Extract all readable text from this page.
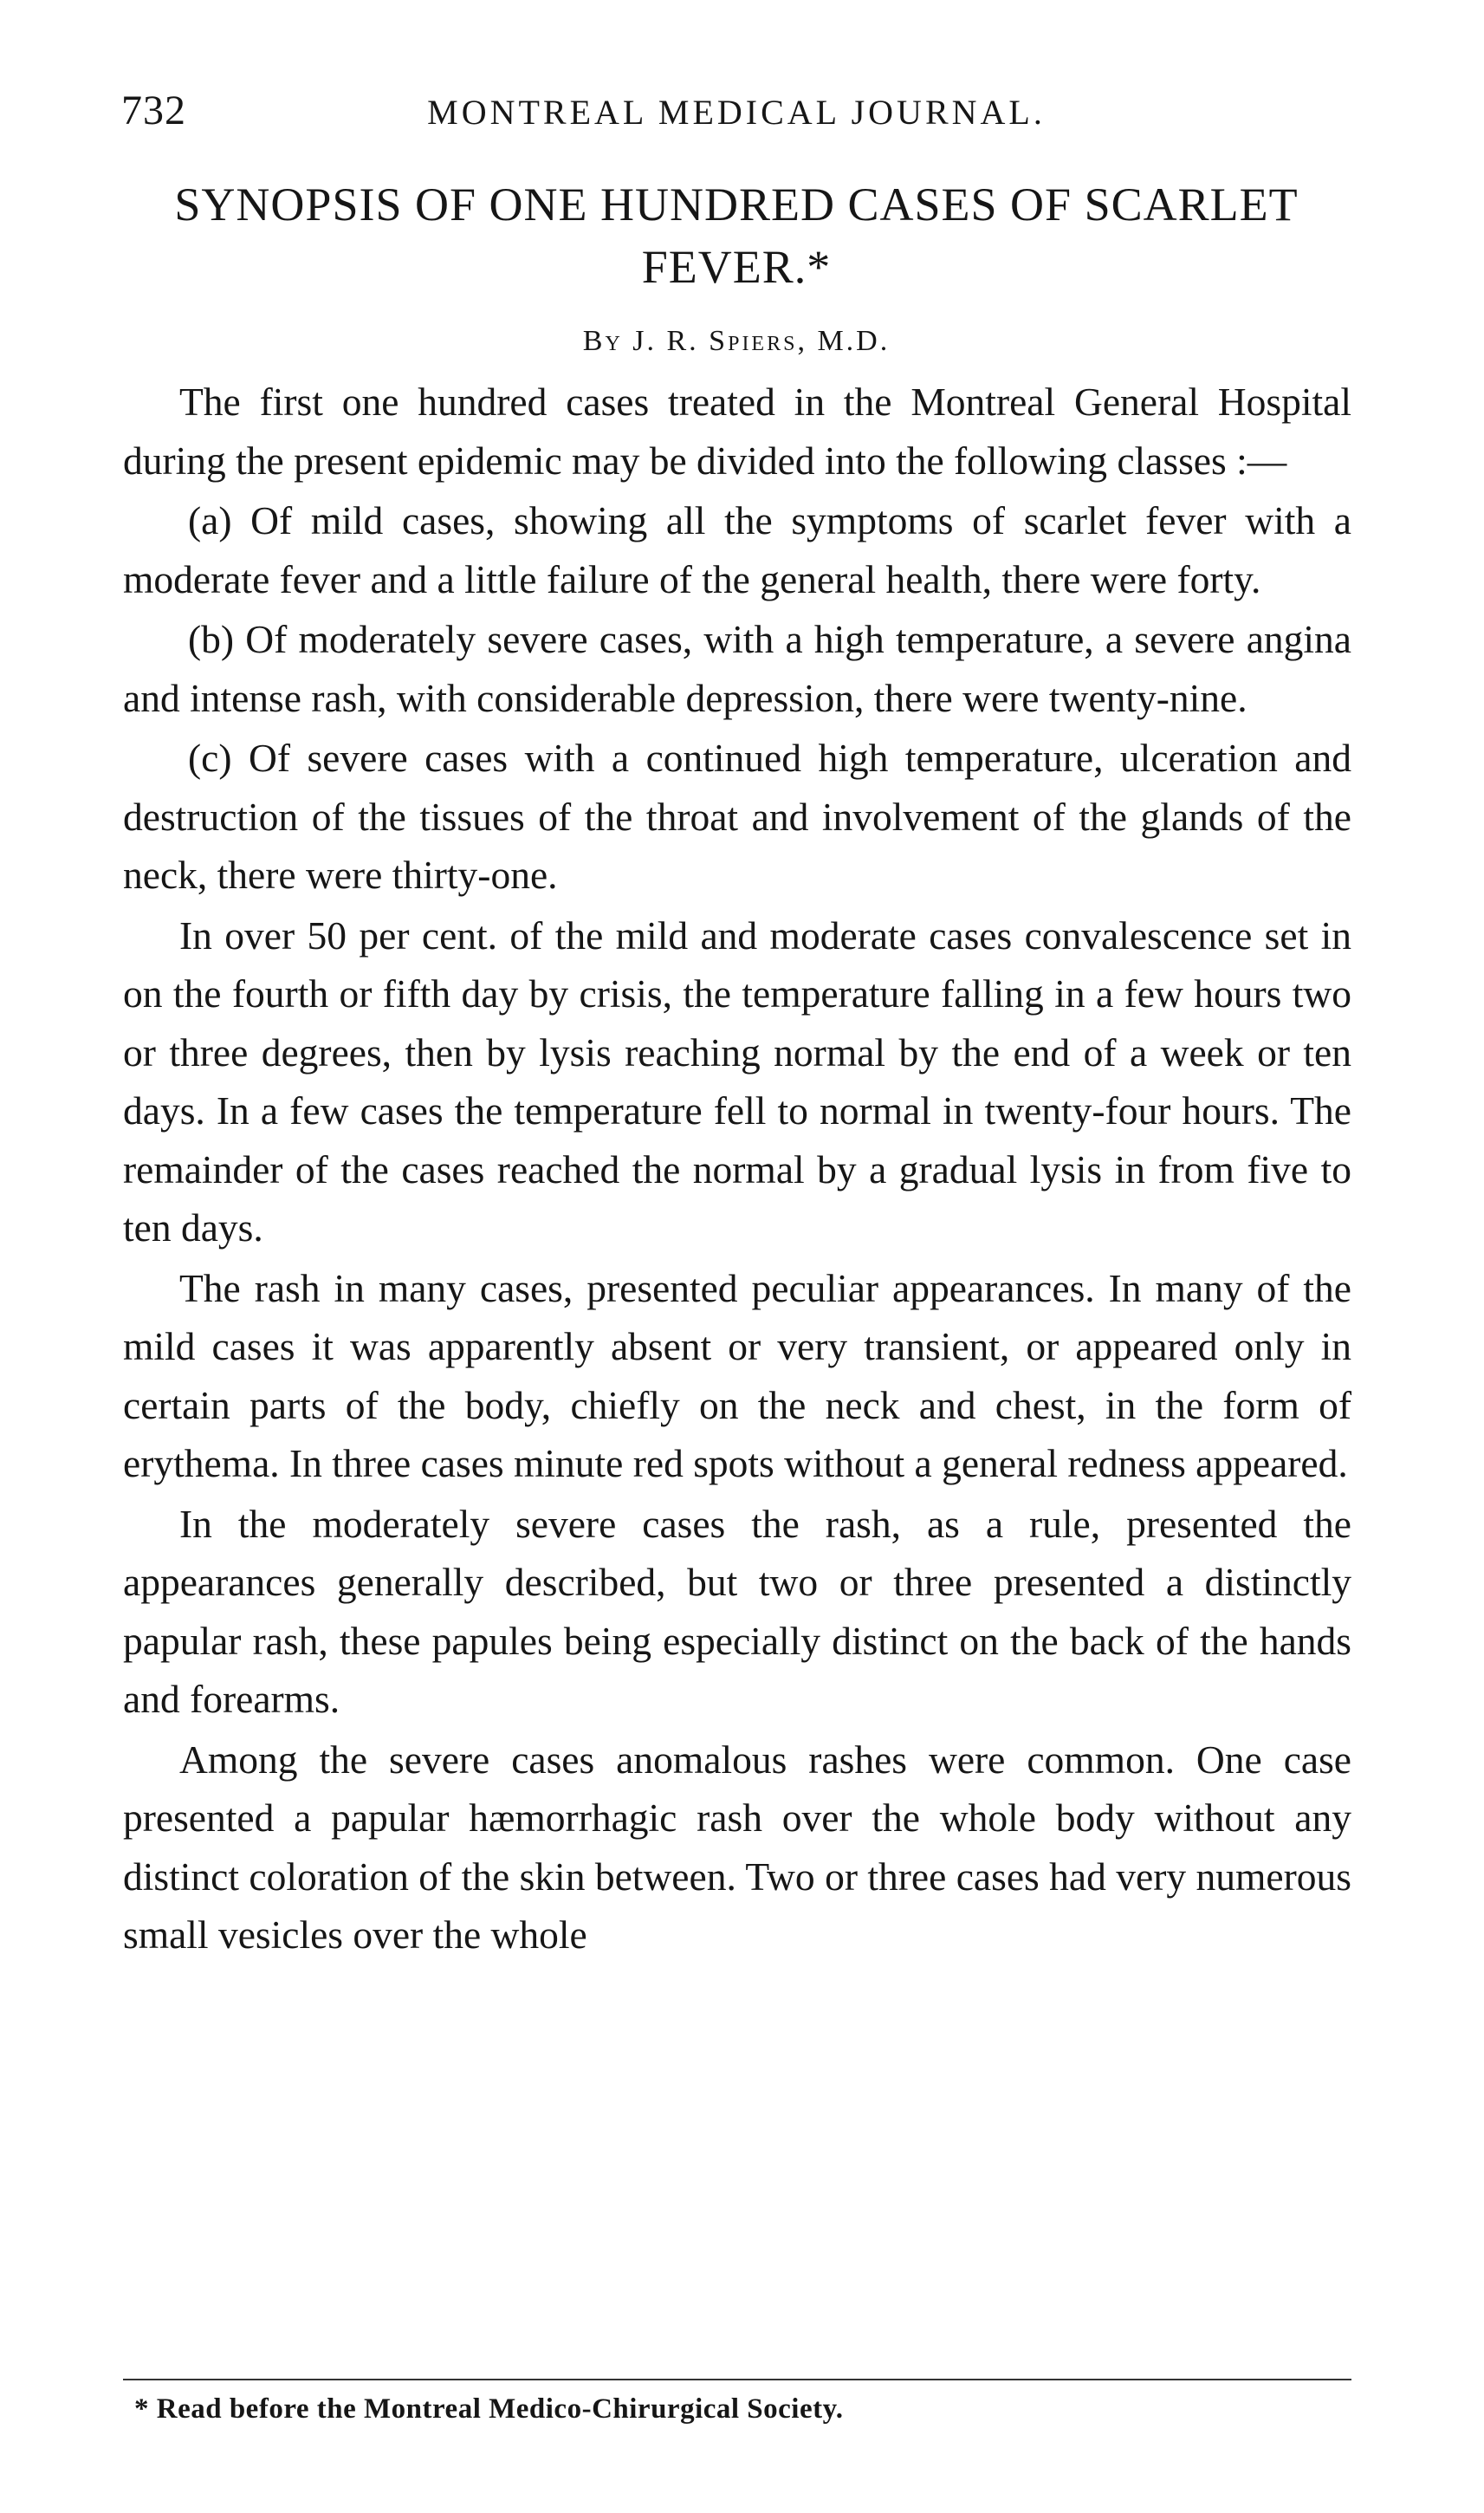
732	MONTREAL MEDICAL JOURNAL.
SYNOPSIS OF ONE HUNDRED CASES OF SCARLET FEVER.*
By J. R. Spiers, M.D.

The first one hundred cases treated in the Montreal General Hospital during the present epidemic may be divided into the following classes :—

(a) Of mild cases, showing all the symptoms of scarlet fever with a moderate fever and a little failure of the general health, there were forty.

(b) Of moderately severe cases, with a high temperature, a severe angina and intense rash, with considerable depression, there were twenty-nine.

(c) Of severe cases with a continued high temperature, ulceration and destruction of the tissues of the throat and involvement of the glands of the neck, there were thirty-one.

In over 50 per cent. of the mild and moderate cases convalescence set in on the fourth or fifth day by crisis, the temperature falling in a few hours two or three degrees, then by lysis reaching normal by the end of a week or ten days. In a few cases the temperature fell to normal in twenty-four hours. The remainder of the cases reached the normal by a gradual lysis in from five to ten days.

The rash in many cases, presented peculiar appearances. In many of the mild cases it was apparently absent or very transient, or appeared only in certain parts of the body, chiefly on the neck and chest, in the form of erythema. In three cases minute red spots without a general redness appeared.

In the moderately severe cases the rash, as a rule, presented the appearances generally described, but two or three presented a distinctly papular rash, these papules being especially distinct on the back of the hands and forearms.

Among the severe cases anomalous rashes were common. One case presented a papular hæmorrhagic rash over the whole body without any distinct coloration of the skin between. Two or three cases had very numerous small vesicles over the whole

* Read before the Montreal Medico-Chirurgical Society.
